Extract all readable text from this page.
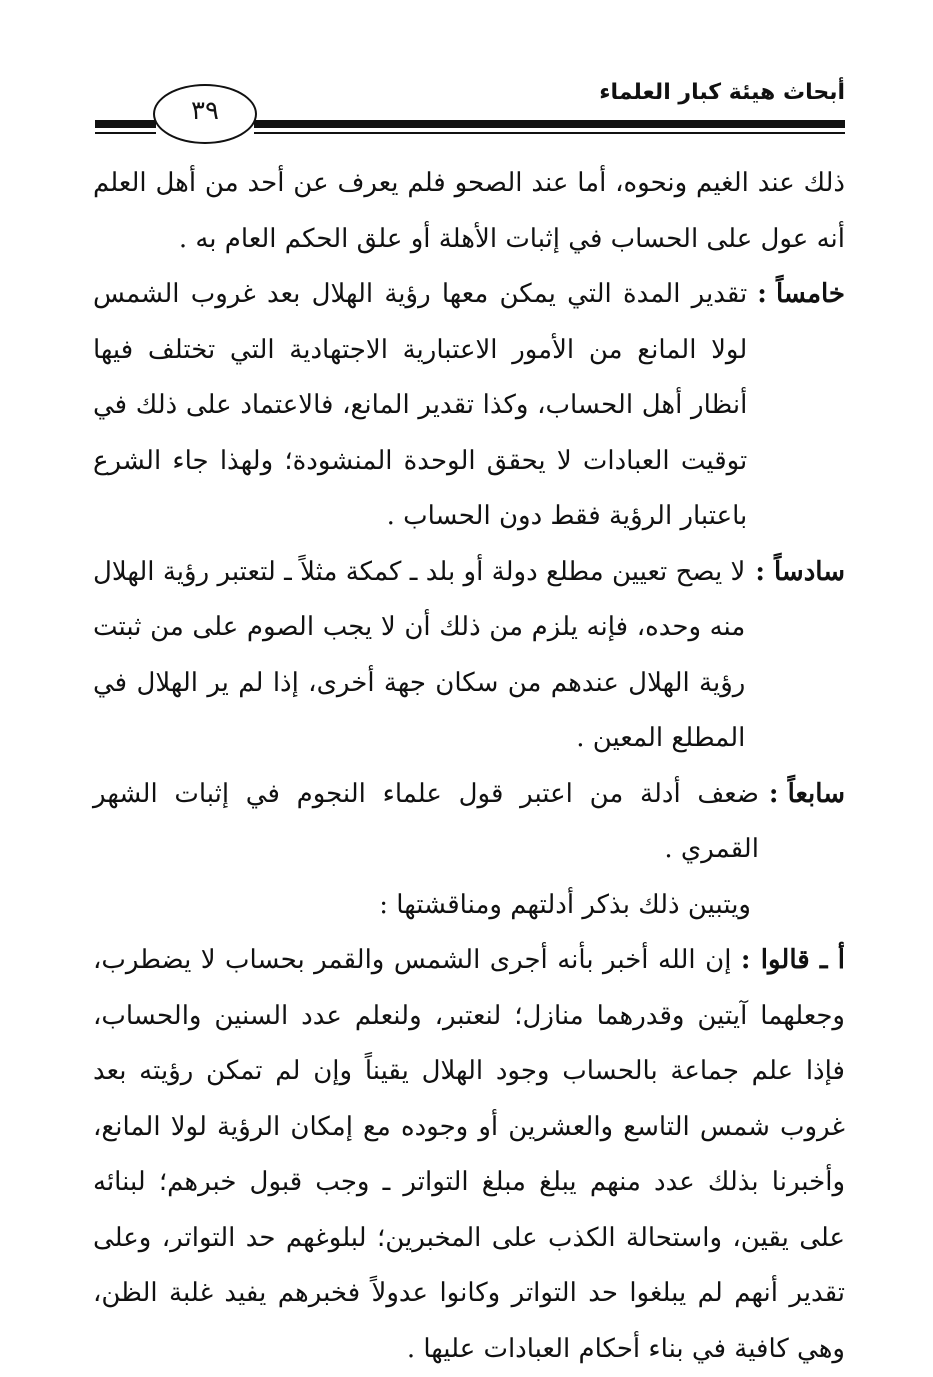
أبحاث هيئة كبار العلماء
٣٩
ذلك عند الغيم ونحوه، أما عند الصحو فلم يعرف عن أحد من أهل العلم أنه عول على الحساب في إثبات الأهلة أو علق الحكم العام به .
خامساً :
تقدير المدة التي يمكن معها رؤية الهلال بعد غروب الشمس لولا المانع من الأمور الاعتبارية الاجتهادية التي تختلف فيها أنظار أهل الحساب، وكذا تقدير المانع، فالاعتماد على ذلك في توقيت العبادات لا يحقق الوحدة المنشودة؛ ولهذا جاء الشرع باعتبار الرؤية فقط دون الحساب .
سادساً :
لا يصح تعيين مطلع دولة أو بلد ـ كمكة مثلاً ـ لتعتبر رؤية الهلال منه وحده، فإنه يلزم من ذلك أن لا يجب الصوم على من ثبتت رؤية الهلال عندهم من سكان جهة أخرى، إذا لم ير الهلال في المطلع المعين .
سابعاً :
ضعف أدلة من اعتبر قول علماء النجوم في إثبات الشهر القمري .
ويتبين ذلك بذكر أدلتهم ومناقشتها :
أ ـ قالوا : إن الله أخبر بأنه أجرى الشمس والقمر بحساب لا يضطرب، وجعلهما آيتين وقدرهما منازل؛ لنعتبر، ولنعلم عدد السنين والحساب، فإذا علم جماعة بالحساب وجود الهلال يقيناً وإن لم تمكن رؤيته بعد غروب شمس التاسع والعشرين أو وجوده مع إمكان الرؤية لولا المانع، وأخبرنا بذلك عدد منهم يبلغ مبلغ التواتر ـ وجب قبول خبرهم؛ لبنائه على يقين، واستحالة الكذب على المخبرين؛ لبلوغهم حد التواتر، وعلى تقدير أنهم لم يبلغوا حد التواتر وكانوا عدولاً فخبرهم يفيد غلبة الظن، وهي كافية في بناء أحكام العبادات عليها .
